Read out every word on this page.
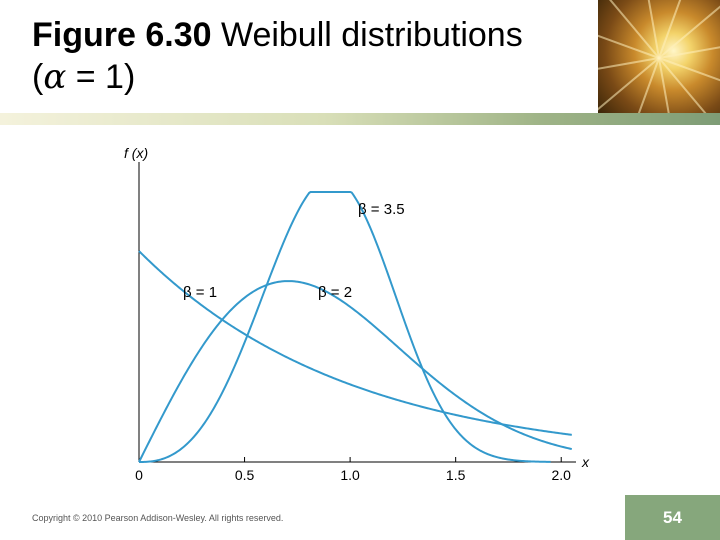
Figure 6.30 Weibull distributions
(α = 1)
0	0.5	1.0	1.5	2.0
x
f (x)
β = 1	β = 2
β = 3.5
Copyright © 2010 Pearson Addison-Wesley. All rights reserved.	54
